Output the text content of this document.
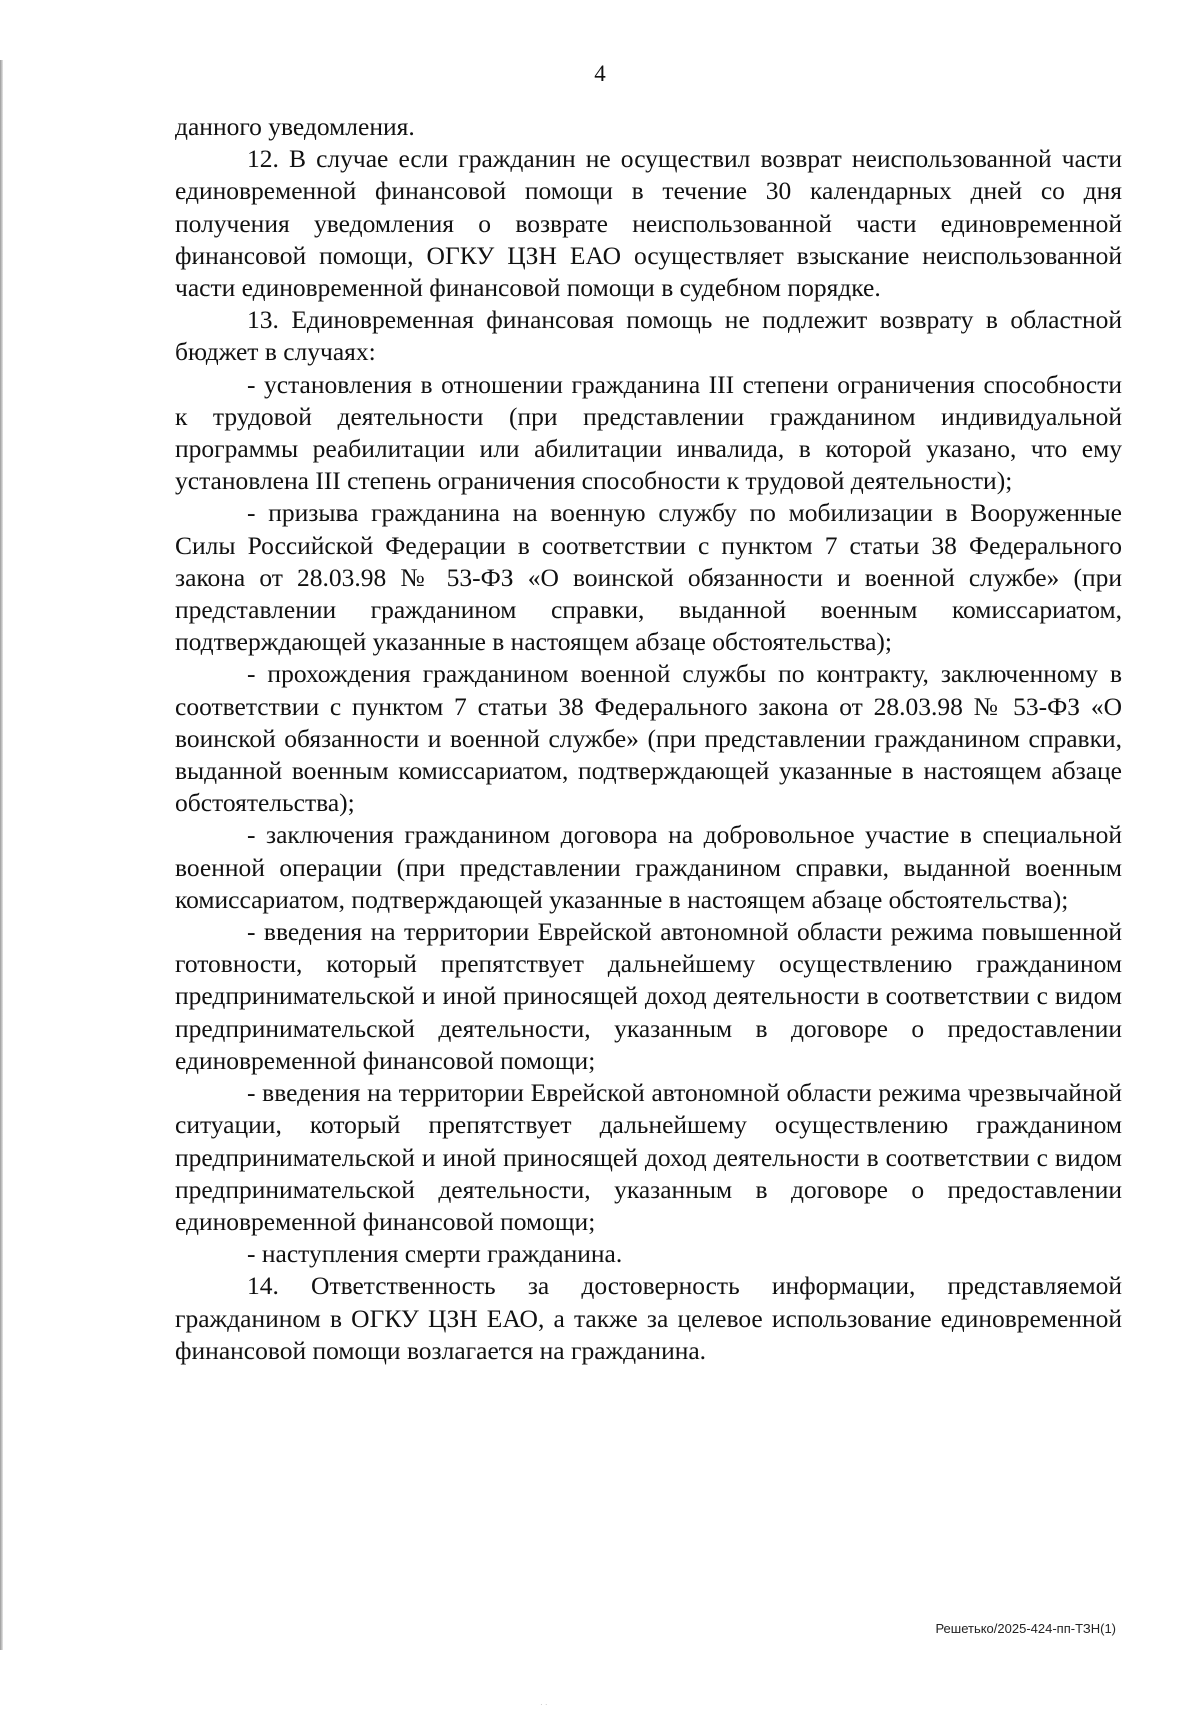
4

данного уведомления.

12. В случае если гражданин не осуществил возврат неиспользованной части единовременной финансовой помощи в течение 30 календарных дней со дня получения уведомления о возврате неиспользованной части единовременной финансовой помощи, ОГКУ ЦЗН ЕАО осуществляет взыскание неиспользованной части единовременной финансовой помощи в судебном порядке.

13. Единовременная финансовая помощь не подлежит возврату в областной бюджет в случаях:

- установления в отношении гражданина III степени ограничения способности к трудовой деятельности (при представлении гражданином индивидуальной программы реабилитации или абилитации инвалида, в которой указано, что ему установлена III степень ограничения способности к трудовой деятельности);

- призыва гражданина на военную службу по мобилизации в Вооруженные Силы Российской Федерации в соответствии с пунктом 7 статьи 38 Федерального закона от 28.03.98 № 53-ФЗ «О воинской обязанности и военной службе» (при представлении гражданином справки, выданной военным комиссариатом, подтверждающей указанные в настоящем абзаце обстоятельства);

- прохождения гражданином военной службы по контракту, заключенному в соответствии с пунктом 7 статьи 38 Федерального закона от 28.03.98 № 53-ФЗ «О воинской обязанности и военной службе» (при представлении гражданином справки, выданной военным комиссариатом, подтверждающей указанные в настоящем абзаце обстоятельства);

- заключения гражданином договора на добровольное участие в специальной военной операции (при представлении гражданином справки, выданной военным комиссариатом, подтверждающей указанные в настоящем абзаце обстоятельства);

- введения на территории Еврейской автономной области режима повышенной готовности, который препятствует дальнейшему осуществлению гражданином предпринимательской и иной приносящей доход деятельности в соответствии с видом предпринимательской деятельности, указанным в договоре о предоставлении единовременной финансовой помощи;

- введения на территории Еврейской автономной области режима чрезвычайной ситуации, который препятствует дальнейшему осуществлению гражданином предпринимательской и иной приносящей доход деятельности в соответствии с видом предпринимательской деятельности, указанным в договоре о предоставлении единовременной финансовой помощи;

- наступления смерти гражданина.

14. Ответственность за достоверность информации, представляемой гражданином в ОГКУ ЦЗН ЕАО, а также за целевое использование единовременной финансовой помощи возлагается на гражданина.

Решетько/2025-424-пп-ТЗН(1)
· ·
